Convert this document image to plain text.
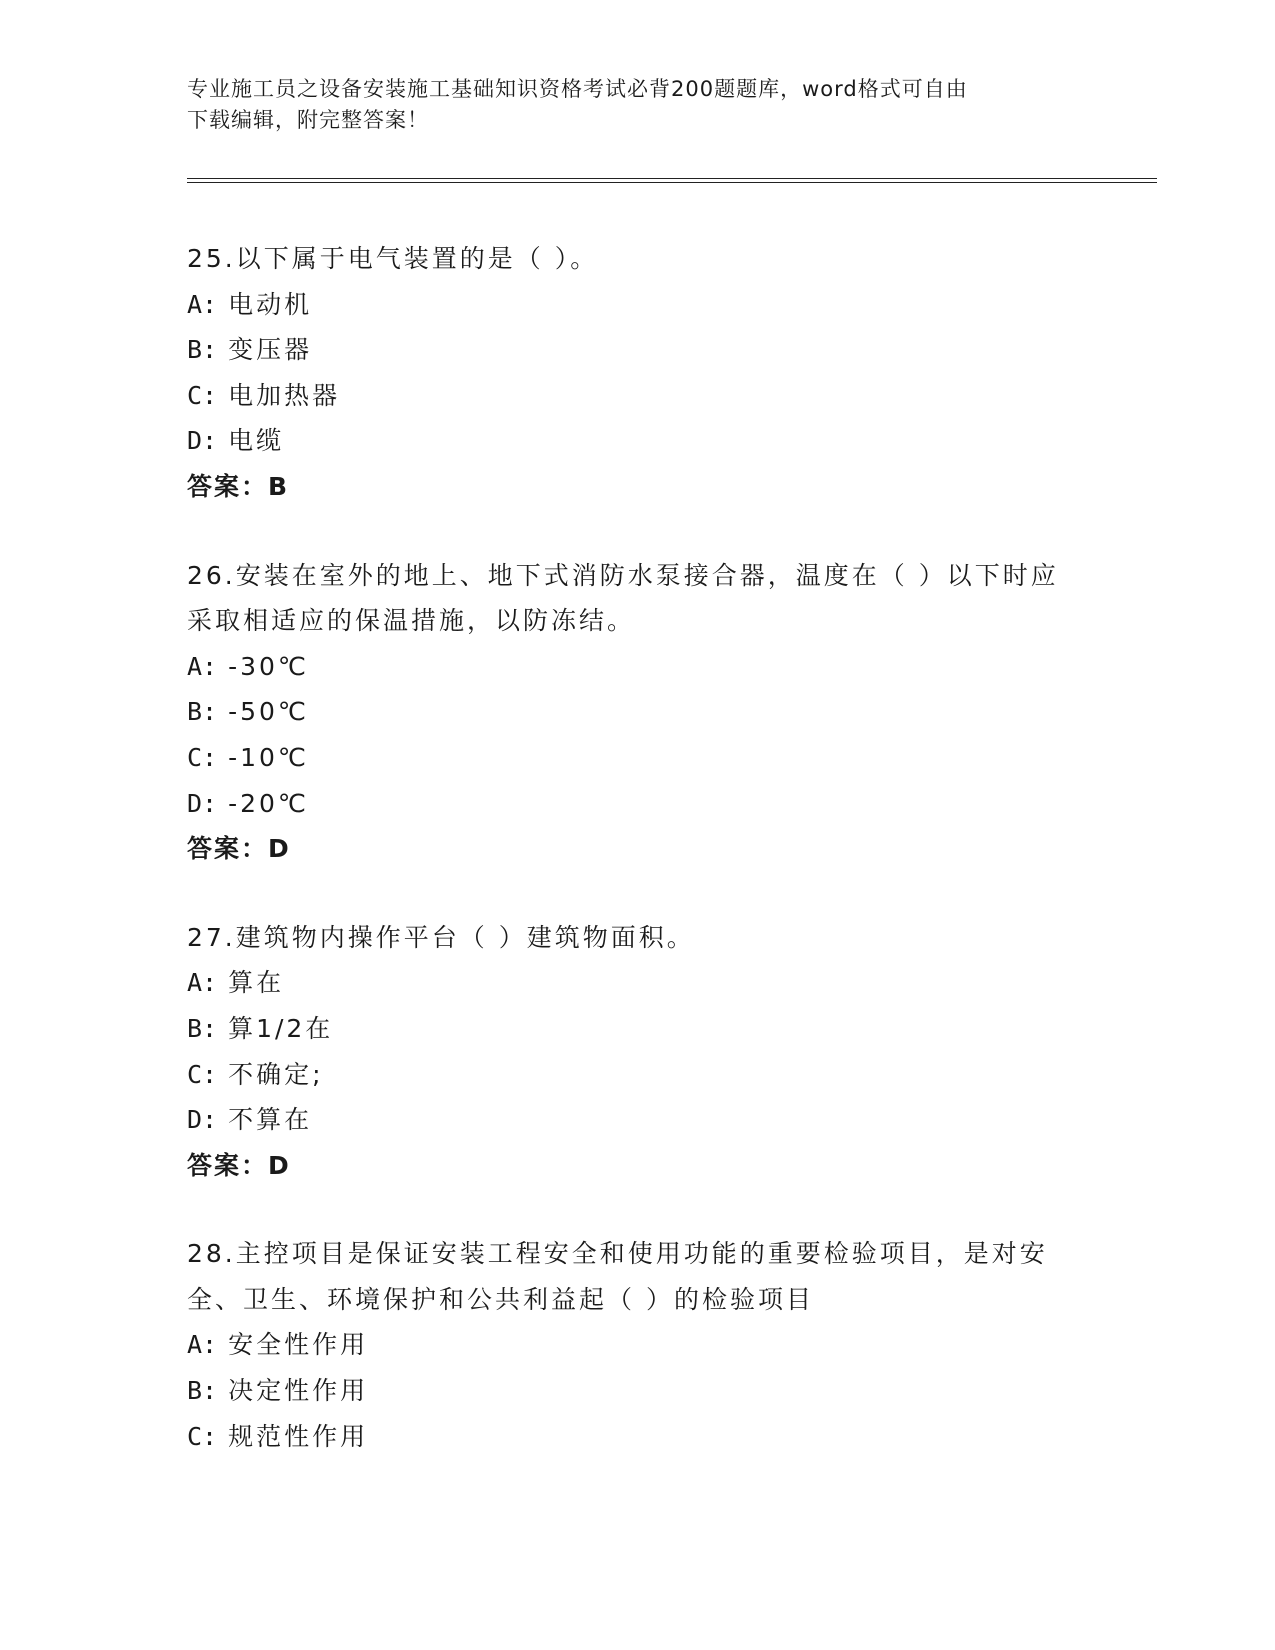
专业施工员之设备安装施工基础知识资格考试必背200题题库，word格式可自由
下载编辑，附完整答案！
25.以下属于电气装置的是（ ）。
A: 电动机
B: 变压器
C: 电加热器
D: 电缆
答案：B
26.安装在室外的地上、地下式消防水泵接合器，温度在（ ）以下时应采取相适应的保温措施，以防冻结。
A: -30℃
B: -50℃
C: -10℃
D: -20℃
答案：D
27.建筑物内操作平台（ ）建筑物面积。
A: 算在
B: 算1/2在
C: 不确定;
D: 不算在
答案：D
28.主控项目是保证安装工程安全和使用功能的重要检验项目，是对安全、卫生、环境保护和公共利益起（ ）的检验项目
A: 安全性作用
B: 决定性作用
C: 规范性作用
